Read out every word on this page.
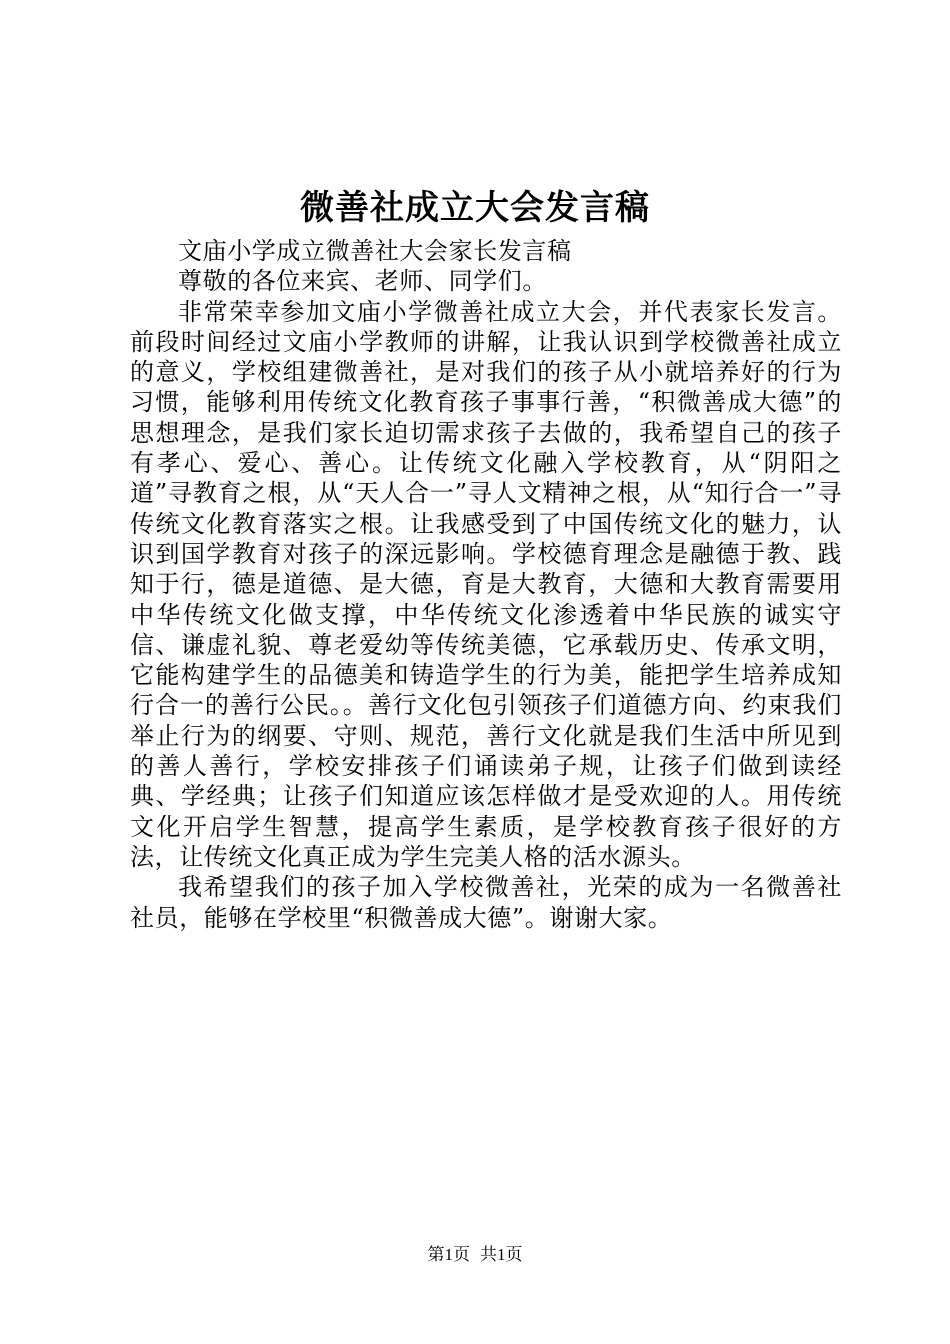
微善社成立大会发言稿

文庙小学成立微善社大会家长发言稿

尊敬的各位来宾、老师、同学们。

非常荣幸参加文庙小学微善社成立大会，并代表家长发言。前段时间经过文庙小学教师的讲解，让我认识到学校微善社成立的意义，学校组建微善社，是对我们的孩子从小就培养好的行为习惯，能够利用传统文化教育孩子事事行善，“积微善成大德”的思想理念，是我们家长迫切需求孩子去做的，我希望自己的孩子有孝心、爱心、善心。让传统文化融入学校教育，从“阴阳之道”寻教育之根，从“天人合一”寻人文精神之根，从“知行合一”寻传统文化教育落实之根。让我感受到了中国传统文化的魅力，认识到国学教育对孩子的深远影响。学校德育理念是融德于教、践知于行，德是道德、是大德，育是大教育，大德和大教育需要用中华传统文化做支撑，中华传统文化渗透着中华民族的诚实守信、谦虚礼貌、尊老爱幼等传统美德，它承载历史、传承文明，它能构建学生的品德美和铸造学生的行为美，能把学生培养成知行合一的善行公民。。善行文化包引领孩子们道德方向、约束我们举止行为的纲要、守则、规范，善行文化就是我们生活中所见到的善人善行，学校安排孩子们诵读弟子规，让孩子们做到读经典、学经典；让孩子们知道应该怎样做才是受欢迎的人。用传统文化开启学生智慧，提高学生素质，是学校教育孩子很好的方法，让传统文化真正成为学生完美人格的活水源头。

我希望我们的孩子加入学校微善社，光荣的成为一名微善社社员，能够在学校里“积微善成大德”。谢谢大家。

第1页 共1页
